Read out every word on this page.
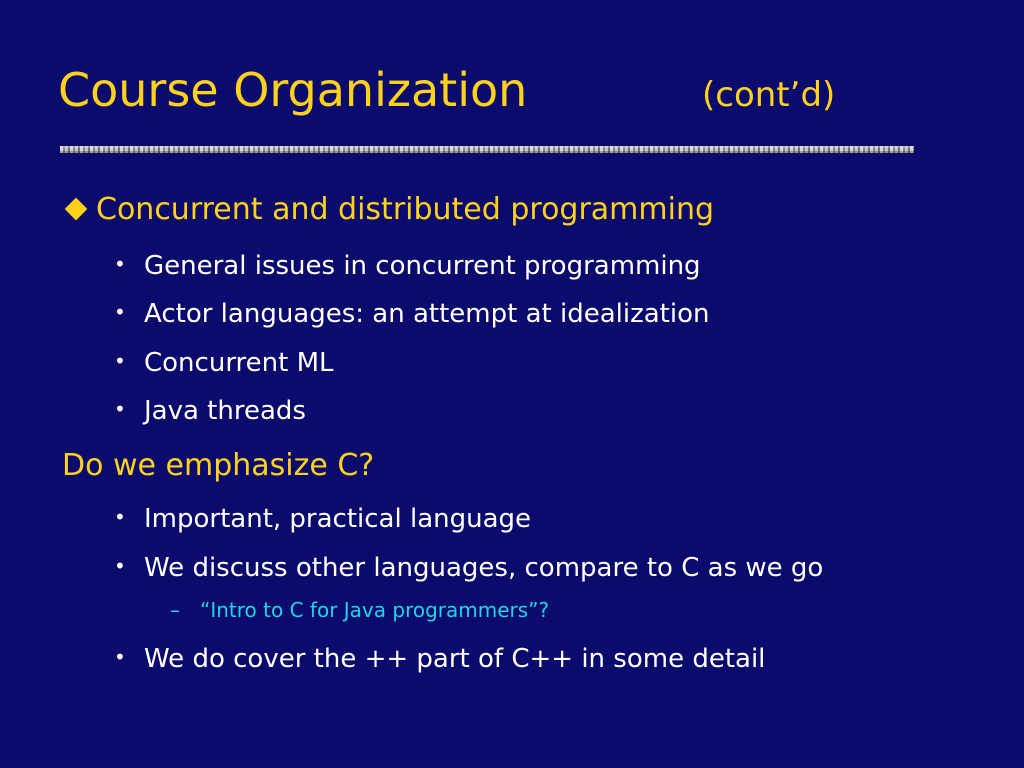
Course Organization	(cont’d)
Concurrent and distributed programming
• General issues in concurrent programming
• Actor languages: an attempt at idealization
• Concurrent ML
• Java threads
Do we emphasize C?
• Important, practical language
• We discuss other languages, compare to C as we go
– “Intro to C for Java programmers”?
• We do cover the ++ part of C++ in some detail
